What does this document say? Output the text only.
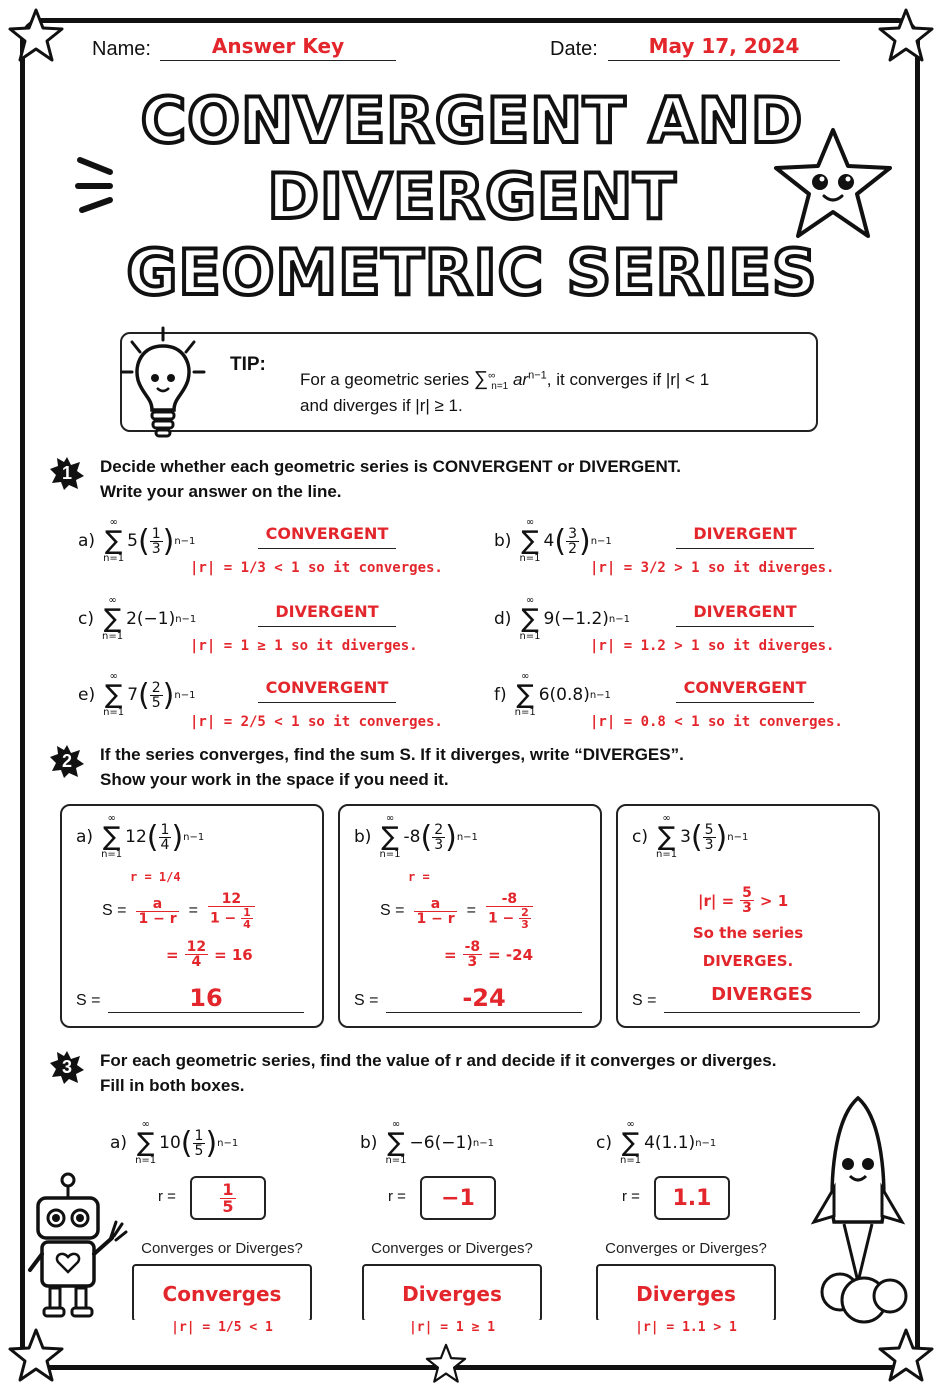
Name:	Answer Key	Date:	May 17, 2024
CONVERGENT AND
DIVERGENT
GEOMETRIC SERIES
TIP:
For a geometric series $\sum^\infty_{n=1}$ $ar^{n-1}$, it converges if |r| < 1
and diverges if |r| ≥ 1.
1	Decide whether each geometric series is CONVERGENT or DIVERGENT.
Write your answer on the line.
a)
∞
∑
n=1
5 ( $\frac{1}{3}$ ) n−1	CONVERGENT
|r| = 1/3 < 1 so it converges.
b)
∞
∑
n=1
4 ( $\frac{3}{2}$ ) n−1	DIVERGENT
|r| = 3/2 > 1 so it diverges.
c)
∞
∑
n=1
2(−1) n−1	DIVERGENT
|r| = 1 ≥ 1 so it diverges.
d)
∞
∑
n=1
9(−1.2) n−1	DIVERGENT
|r| = 1.2 > 1 so it diverges.
e)
∞
∑
n=1
7 ( $\frac{2}{5}$ ) n−1	CONVERGENT
|r| = 2/5 < 1 so it converges.
f)
∞
∑
n=1
6(0.8) n−1	CONVERGENT
|r| = 0.8 < 1 so it converges.
2	If the series converges, find the sum S. If it diverges, write “DIVERGES”.
Show your work in the space if you need it.
a)
∞
∑
n=1
12 ( $\frac{1}{4}$ ) n−1
r = 1/4
$S = \frac{a}{1 - r} = \frac{12}{1 - \frac{1}{4}}$
= $\frac{12}{4} = 16$
S =	16
b)
∞
∑
n=1
-8 ( $\frac{2}{3}$ ) n−1
r =
$S = \frac{a}{1 - r} = \frac{-8}{1 - \frac{2}{3}}$
= $\frac{-8}{3} = -24$
S =	-24
c)
∞
∑
n=1
3 ( $\frac{5}{3}$ ) n−1
$|r| = \frac{5}{3} > 1$
So the series
DIVERGES.
S =	DIVERGES
3	For each geometric series, find the value of r and decide if it converges or diverges.
Fill in both boxes.
a)
∞
∑
n=1
10 ( $\frac{1}{5}$ ) n−1
r =	$\frac{1}{5}$
Converges or Diverges?
Converges
|r| = 1/5 < 1
b)
∞
∑
n=1
−6(−1) n−1
r = −1
Converges or Diverges?
Diverges
|r| = 1 ≥ 1
c)
∞
∑
n=1
4(1.1) n−1
r = 1.1
Converges or Diverges?
Diverges
|r| = 1.1 > 1
